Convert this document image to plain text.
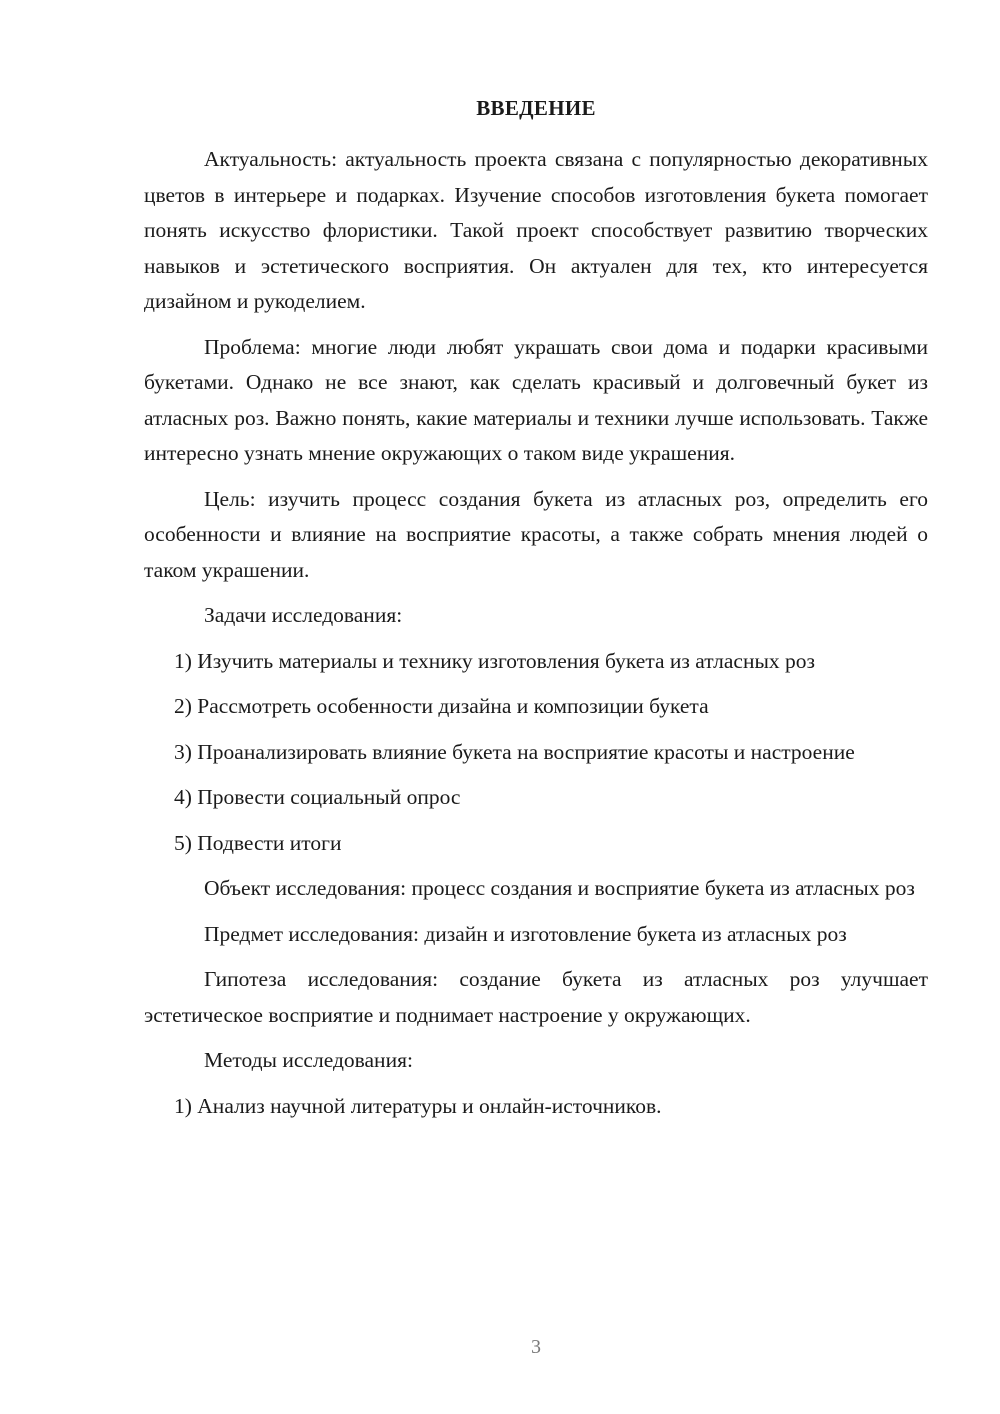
ВВЕДЕНИЕ

Актуальность: актуальность проекта связана с популярностью декоративных цветов в интерьере и подарках. Изучение способов изготовления букета помогает понять искусство флористики. Такой проект способствует развитию творческих навыков и эстетического восприятия. Он актуален для тех, кто интересуется дизайном и рукоделием.

Проблема: многие люди любят украшать свои дома и подарки красивыми букетами. Однако не все знают, как сделать красивый и долговечный букет из атласных роз. Важно понять, какие материалы и техники лучше использовать. Также интересно узнать мнение окружающих о таком виде украшения.

Цель: изучить процесс создания букета из атласных роз, определить его особенности и влияние на восприятие красоты, а также собрать мнения людей о таком украшении.

Задачи исследования:

1) Изучить материалы и технику изготовления букета из атласных роз

2) Рассмотреть особенности дизайна и композиции букета

3) Проанализировать влияние букета на восприятие красоты и настроение

4) Провести социальный опрос

5) Подвести итоги

Объект исследования: процесс создания и восприятие букета из атласных роз

Предмет исследования: дизайн и изготовление букета из атласных роз

Гипотеза исследования: создание букета из атласных роз улучшает эстетическое восприятие и поднимает настроение у окружающих.

Методы исследования:

1) Анализ научной литературы и онлайн-источников.

3
